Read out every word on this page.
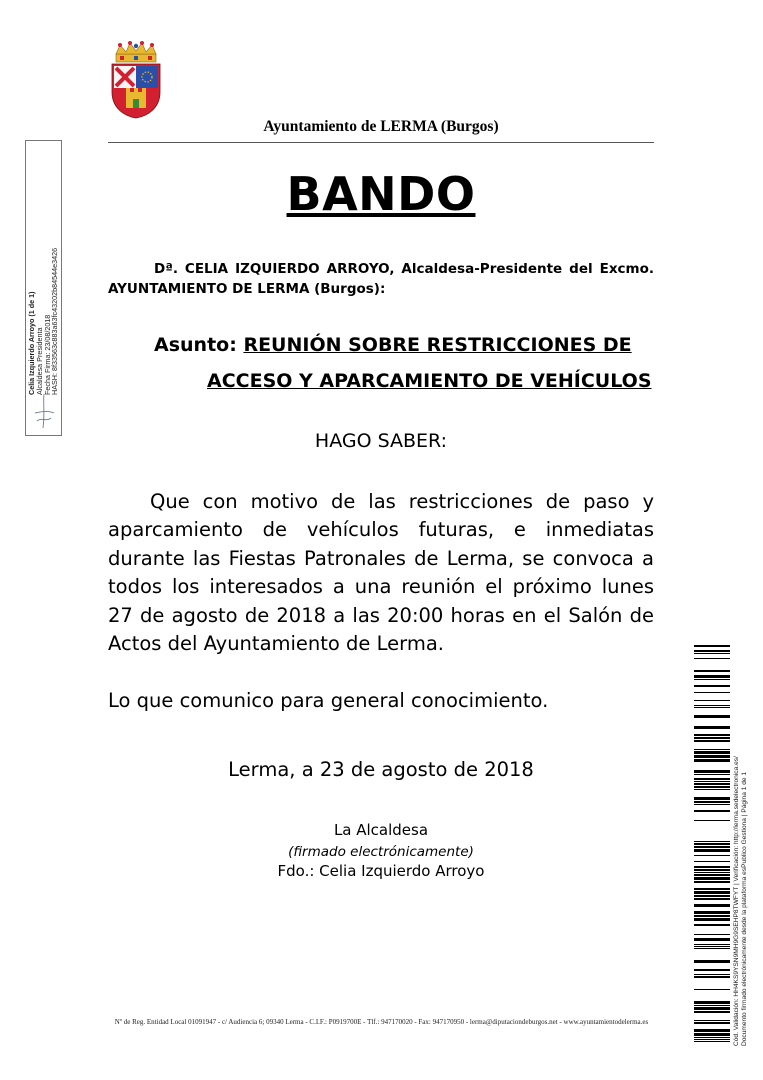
Ayuntamiento de LERMA (Burgos)
BANDO
Dª. CELIA IZQUIERDO ARROYO, Alcaldesa-Presidente del Excmo. AYUNTAMIENTO DE LERMA (Burgos):
Asunto: REUNIÓN SOBRE RESTRICCIONES DE
ACCESO Y APARCAMIENTO DE VEHÍCULOS
HAGO SABER:
Que con motivo de las restricciones de paso y aparcamiento de vehículos futuras, e inmediatas durante las Fiestas Patronales de Lerma, se convoca a todos los interesados a una reunión el próximo lunes 27 de agosto de 2018 a las 20:00 horas en el Salón de Actos del Ayuntamiento de Lerma.
Lo que comunico para general conocimiento.
Lerma, a 23 de agosto de 2018
La Alcaldesa
(firmado electrónicamente)
Fdo.: Celia Izquierdo Arroyo
Nº de Reg. Entidad Local 01091947 - c/ Audiencia 6; 09340 Lerma - C.I.F.: P0919700E - Tlf.: 947170020 - Fax: 947170950 - lerma@diputaciondeburgos.net - www.ayuntamientodelerma.es
Celia Izquierdo Arroyo (1 de 1)
Alcaldesa Presidenta
Fecha Firma: 23/08/2018
HASH: 8f33563c883a63fc43202b84544e3426
Cód. Validación: HH4KS9YSN9MH9G9SEHP8TWFYT | Verificación: http://lerma.sedelectronica.es/ Documento firmado electrónicamente desde la plataforma esPublico Gestiona | Página 1 de 1
